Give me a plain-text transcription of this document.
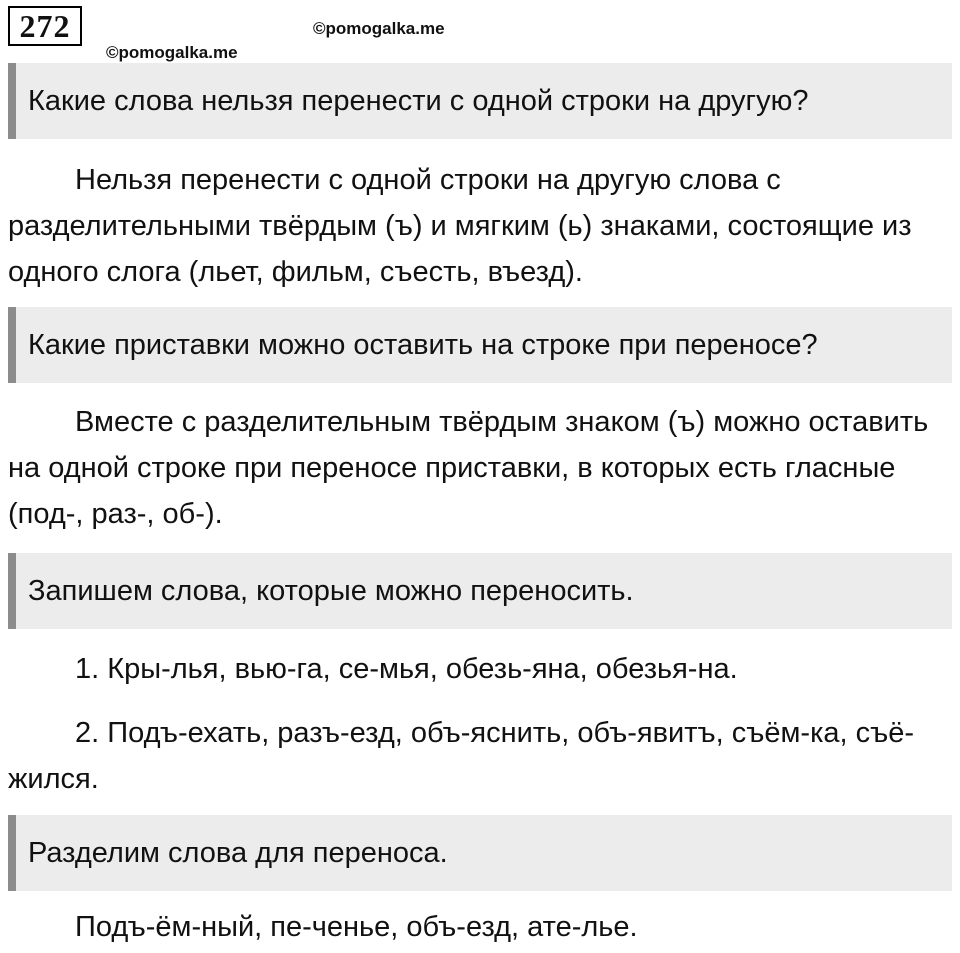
272	©pomogalka.me
©pomogalka.me
Какие слова нельзя перенести с одной строки на другую?
Нельзя перенести с одной строки на другую слова с разделительными твёрдым (ъ) и мягким (ь) знаками, состоящие из одного слога (льет, фильм, съесть, въезд).
Какие приставки можно оставить на строке при переносе?
Вместе с разделительным твёрдым знаком (ъ) можно оставить на одной строке при переносе приставки, в которых есть гласные (под-, раз-, об-).
Запишем слова, которые можно переносить.
1. Кры-лья, вью-га, се-мья, обезь-яна, обезья-на.
2. Подъ-ехать, разъ-езд, объ-яснить, объ-явитъ, съём-ка, съё-жился.
Разделим слова для переноса.
Подъ-ём-ный, пе-ченье, объ-езд, ате-лье.
